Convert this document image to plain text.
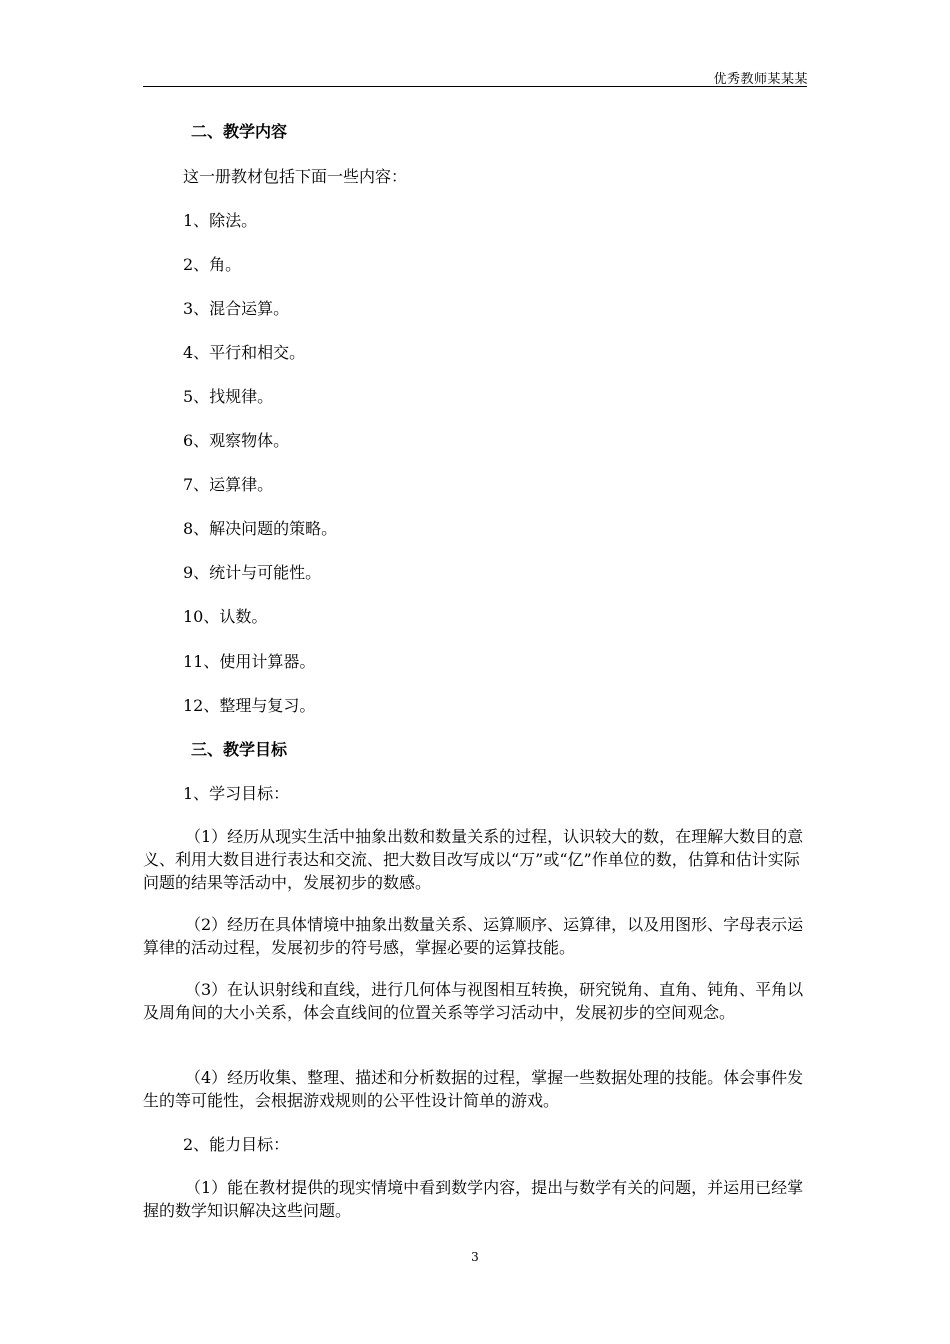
优秀教师某某某
二、教学内容
这一册教材包括下面一些内容：
1、除法。
2、角。
3、混合运算。
4、平行和相交。
5、找规律。
6、观察物体。
7、运算律。
8、解决问题的策略。
9、统计与可能性。
10、认数。
11、使用计算器。
12、整理与复习。
三、教学目标
1、学习目标：
（1）经历从现实生活中抽象出数和数量关系的过程，认识较大的数，在理解大数目的意义、利用大数目进行表达和交流、把大数目改写成以“万”或“亿”作单位的数，估算和估计实际问题的结果等活动中，发展初步的数感。
（2）经历在具体情境中抽象出数量关系、运算顺序、运算律，以及用图形、字母表示运算律的活动过程，发展初步的符号感，掌握必要的运算技能。
（3）在认识射线和直线，进行几何体与视图相互转换，研究锐角、直角、钝角、平角以及周角间的大小关系，体会直线间的位置关系等学习活动中，发展初步的空间观念。
（4）经历收集、整理、描述和分析数据的过程，掌握一些数据处理的技能。体会事件发生的等可能性，会根据游戏规则的公平性设计简单的游戏。
2、能力目标：
（1）能在教材提供的现实情境中看到数学内容，提出与数学有关的问题，并运用已经掌握的数学知识解决这些问题。
3
